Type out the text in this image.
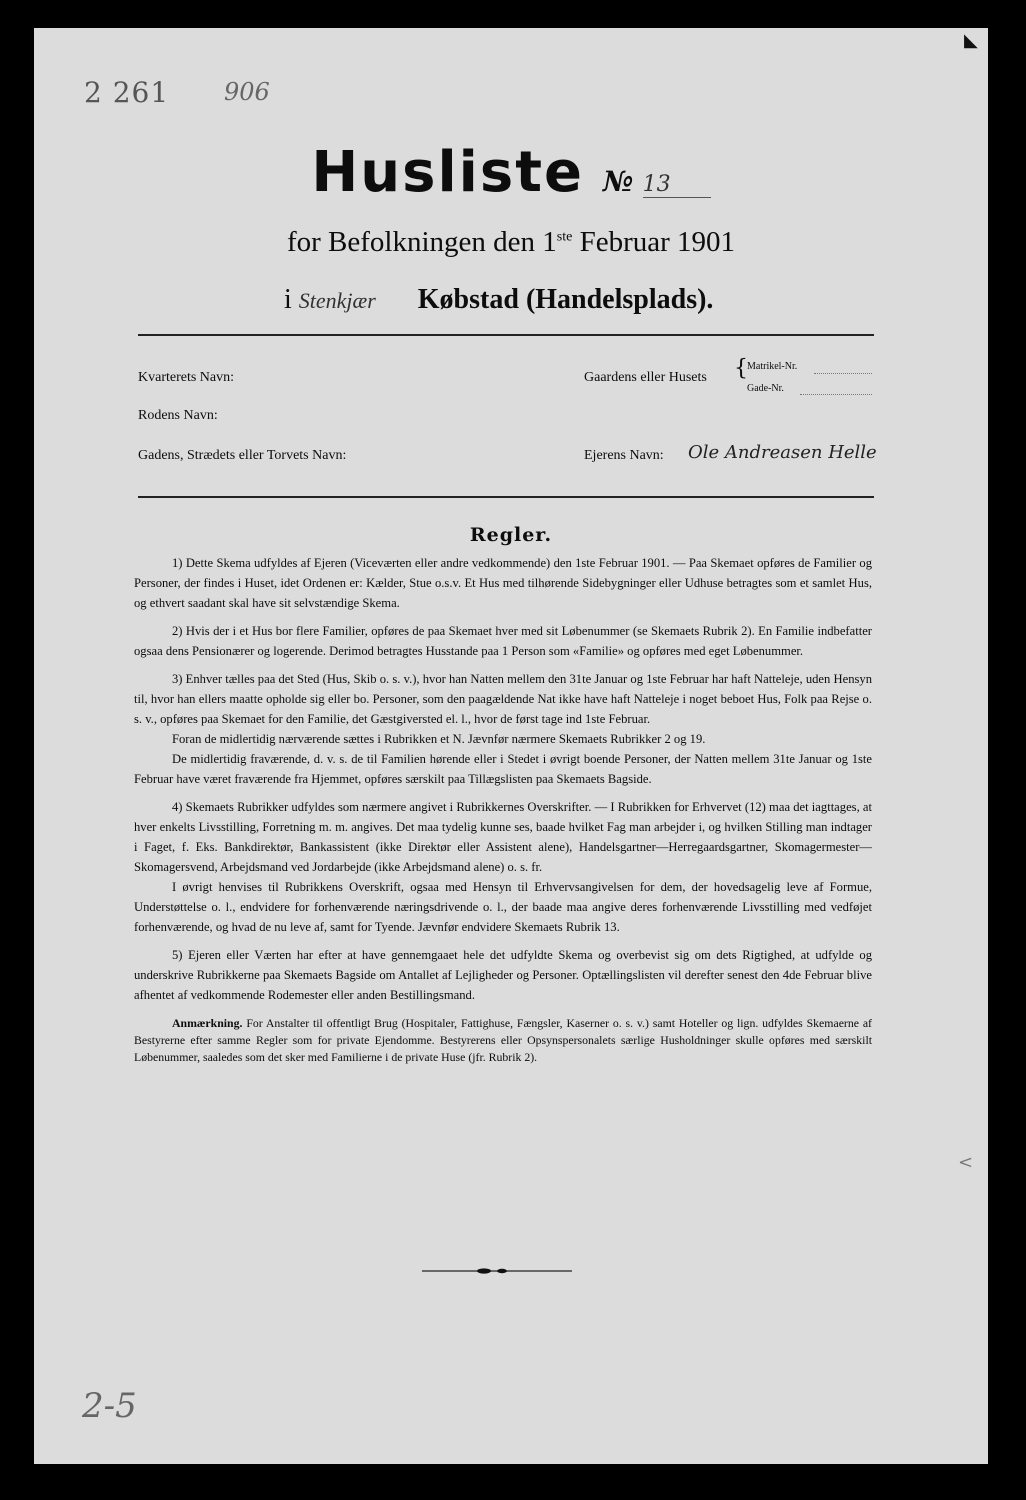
2 261 906
◣
Husliste № 13
for Befolkningen den 1ste Februar 1901
i Stenkjær Købstad (Handelsplads).
Kvarterets Navn:
Rodens Navn:
Gadens, Strædets eller Torvets Navn:
Gaardens eller Husets { Matrikel-Nr.
Gade-Nr.
Ejerens Navn: Ole Andreasen Helle
Regler.

1) Dette Skema udfyldes af Ejeren (Viceværten eller andre vedkommende) den 1ste Februar 1901. — Paa Skemaet opføres de Familier og Personer, der findes i Huset, idet Ordenen er: Kælder, Stue o.s.v. Et Hus med tilhørende Sidebygninger eller Udhuse betragtes som et samlet Hus, og ethvert saadant skal have sit selvstændige Skema.

2) Hvis der i et Hus bor flere Familier, opføres de paa Skemaet hver med sit Løbenummer (se Skemaets Rubrik 2). En Familie indbefatter ogsaa dens Pensionærer og logerende. Derimod betragtes Husstande paa 1 Person som «Familie» og opføres med eget Løbenummer.

3) Enhver tælles paa det Sted (Hus, Skib o. s. v.), hvor han Natten mellem den 31te Januar og 1ste Februar har haft Natteleje, uden Hensyn til, hvor han ellers maatte opholde sig eller bo. Personer, som den paagældende Nat ikke have haft Natteleje i noget beboet Hus, Folk paa Rejse o. s. v., opføres paa Skemaet for den Familie, det Gæstgiversted el. l., hvor de først tage ind 1ste Februar.

Foran de midlertidig nærværende sættes i Rubrikken et N. Jævnfør nærmere Skemaets Rubrikker 2 og 19.

De midlertidig fraværende, d. v. s. de til Familien hørende eller i Stedet i øvrigt boende Personer, der Natten mellem 31te Januar og 1ste Februar have været fraværende fra Hjemmet, opføres særskilt paa Tillægslisten paa Skemaets Bagside.

4) Skemaets Rubrikker udfyldes som nærmere angivet i Rubrikkernes Overskrifter. — I Rubrikken for Erhvervet (12) maa det iagttages, at hver enkelts Livsstilling, Forretning m. m. angives. Det maa tydelig kunne ses, baade hvilket Fag man arbejder i, og hvilken Stilling man indtager i Faget, f. Eks. Bankdirektør, Bankassistent (ikke Direktør eller Assistent alene), Handelsgartner—Herregaardsgartner, Skomagermester—Skomagersvend, Arbejdsmand ved Jordarbejde (ikke Arbejdsmand alene) o. s. fr.

I øvrigt henvises til Rubrikkens Overskrift, ogsaa med Hensyn til Erhvervsangivelsen for dem, der hovedsagelig leve af Formue, Understøttelse o. l., endvidere for forhenværende næringsdrivende o. l., der baade maa angive deres forhenværende Livsstilling med vedføjet forhenværende, og hvad de nu leve af, samt for Tyende. Jævnfør endvidere Skemaets Rubrik 13.

5) Ejeren eller Værten har efter at have gennemgaaet hele det udfyldte Skema og overbevist sig om dets Rigtighed, at udfylde og underskrive Rubrikkerne paa Skemaets Bagside om Antallet af Lejligheder og Personer. Optællingslisten vil derefter senest den 4de Februar blive afhentet af vedkommende Rodemester eller anden Bestillingsmand.

Anmærkning. For Anstalter til offentligt Brug (Hospitaler, Fattighuse, Fængsler, Kaserner o. s. v.) samt Hoteller og lign. udfyldes Skemaerne af Bestyrerne efter samme Regler som for private Ejendomme. Bestyrerens eller Opsynspersonalets særlige Husholdninger skulle opføres med særskilt Løbenummer, saaledes som det sker med Familierne i de private Huse (jfr. Rubrik 2).

<
2-5
